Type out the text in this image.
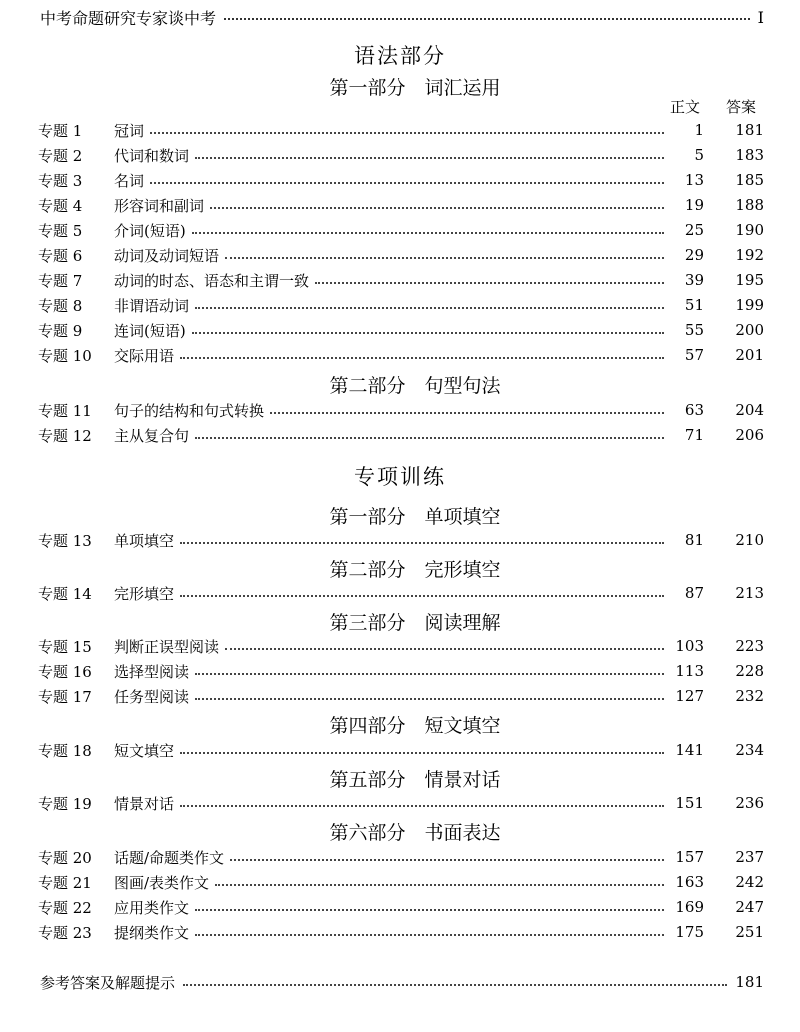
中考命题研究专家谈中考	I
语法部分
第一部分　词汇运用
正文 答案
专题 1	冠词	1	181
专题 2	代词和数词	5	183
专题 3	名词	13	185
专题 4	形容词和副词	19	188
专题 5	介词(短语)	25	190
专题 6	动词及动词短语	29	192
专题 7	动词的时态、语态和主谓一致	39	195
专题 8	非谓语动词	51	199
专题 9	连词(短语)	55	200
专题 10	交际用语	57	201
第二部分　句型句法
专题 11	句子的结构和句式转换	63	204
专题 12	主从复合句	71	206
专项训练
第一部分　单项填空
专题 13	单项填空	81	210
第二部分　完形填空
专题 14	完形填空	87	213
第三部分　阅读理解
专题 15	判断正误型阅读	103	223
专题 16	选择型阅读	113	228
专题 17	任务型阅读	127	232
第四部分　短文填空
专题 18	短文填空	141	234
第五部分　情景对话
专题 19	情景对话	151	236
第六部分　书面表达
专题 20	话题/命题类作文	157	237
专题 21	图画/表类作文	163	242
专题 22	应用类作文	169	247
专题 23	提纲类作文	175	251
参考答案及解题提示	181
